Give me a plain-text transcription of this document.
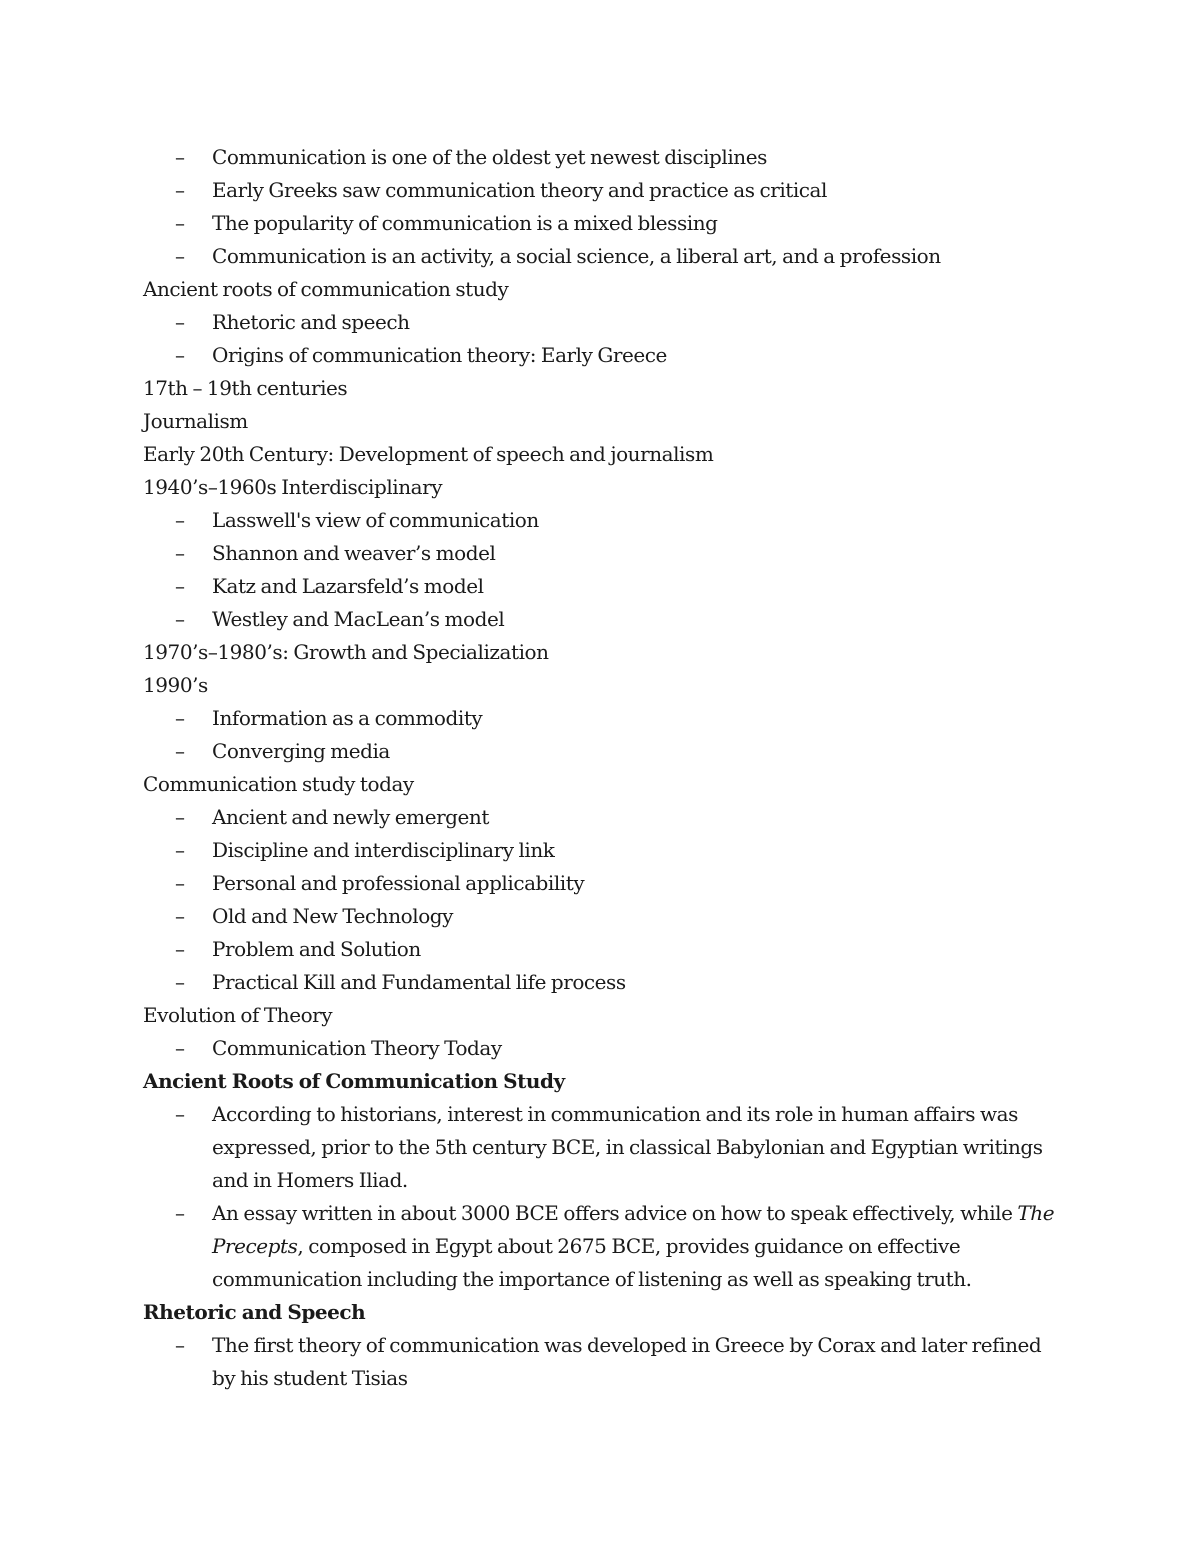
– Communication is one of the oldest yet newest disciplines
– Early Greeks saw communication theory and practice as critical
– The popularity of communication is a mixed blessing
– Communication is an activity, a social science, a liberal art, and a profession
Ancient roots of communication study
– Rhetoric and speech
– Origins of communication theory: Early Greece
17th – 19th centuries
Journalism
Early 20th Century: Development of speech and journalism
1940’s–1960s Interdisciplinary
– Lasswell's view of communication
– Shannon and weaver’s model
– Katz and Lazarsfeld’s model
– Westley and MacLean’s model
1970’s–1980’s: Growth and Specialization
1990’s
– Information as a commodity
– Converging media
Communication study today
– Ancient and newly emergent
– Discipline and interdisciplinary link
– Personal and professional applicability
– Old and New Technology
– Problem and Solution
– Practical Kill and Fundamental life process
Evolution of Theory
– Communication Theory Today
Ancient Roots of Communication Study
– According to historians, interest in communication and its role in human affairs was expressed, prior to the 5th century BCE, in classical Babylonian and Egyptian writings and in Homers Iliad.
– An essay written in about 3000 BCE offers advice on how to speak effectively, while The Precepts, composed in Egypt about 2675 BCE, provides guidance on effective communication including the importance of listening as well as speaking truth.
Rhetoric and Speech
– The first theory of communication was developed in Greece by Corax and later refined by his student Tisias
